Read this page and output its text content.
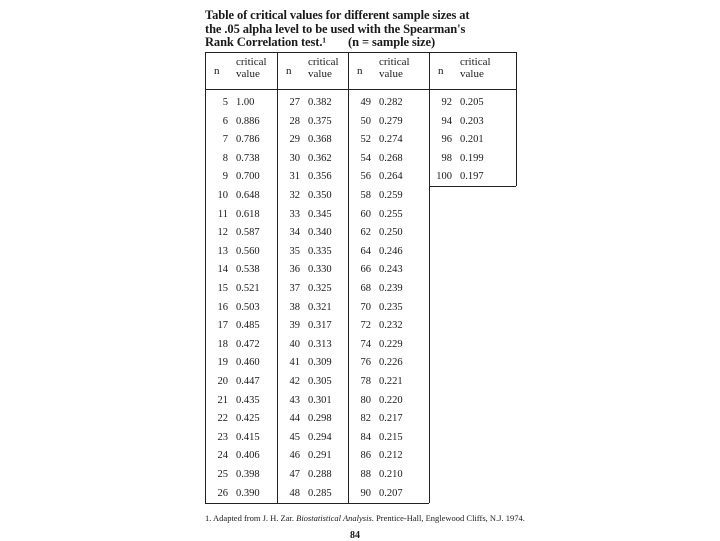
Table of critical values for different sample sizes at
the .05 alpha level to be used with the Spearman's
Rank Correlation test.¹ (n = sample size)
n
critical
value
5 1.00
6 0.886
7 0.786
8 0.738
9 0.700
10 0.648
11 0.618
12 0.587
13 0.560
14 0.538
15 0.521
16 0.503
17 0.485
18 0.472
19 0.460
20 0.447
21 0.435
22 0.425
23 0.415
24 0.406
25 0.398
26 0.390
n
critical
value
27 0.382
28 0.375
29 0.368
30 0.362
31 0.356
32 0.350
33 0.345
34 0.340
35 0.335
36 0.330
37 0.325
38 0.321
39 0.317
40 0.313
41 0.309
42 0.305
43 0.301
44 0.298
45 0.294
46 0.291
47 0.288
48 0.285
n
critical
value
49 0.282
50 0.279
52 0.274
54 0.268
56 0.264
58 0.259
60 0.255
62 0.250
64 0.246
66 0.243
68 0.239
70 0.235
72 0.232
74 0.229
76 0.226
78 0.221
80 0.220
82 0.217
84 0.215
86 0.212
88 0.210
90 0.207
n
critical
value
92 0.205
94 0.203
96 0.201
98 0.199
100 0.197
1. Adapted from J. H. Zar. Biostatistical Analysis. Prentice-Hall, Englewood Cliffs, N.J. 1974.
84
